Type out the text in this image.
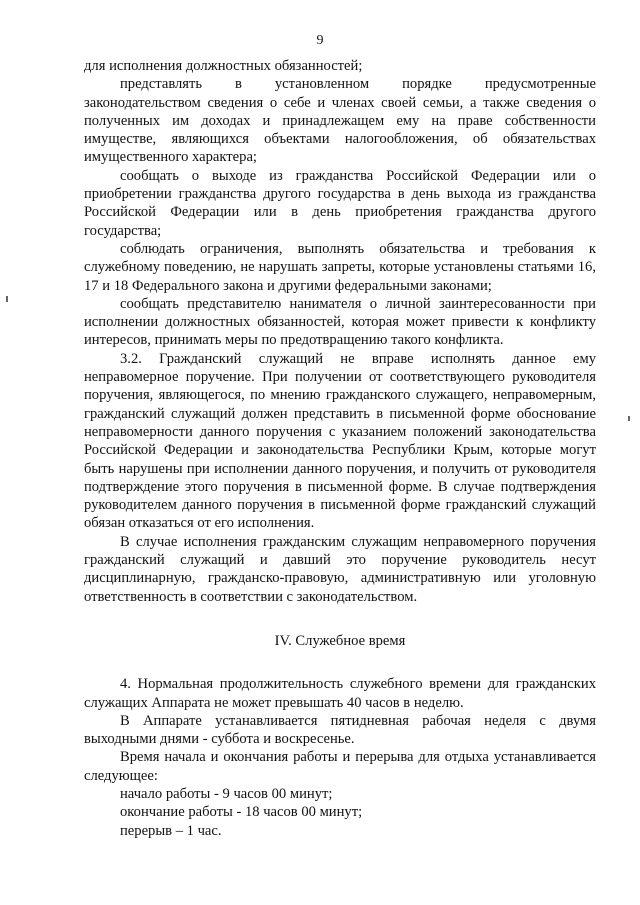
9

для исполнения должностных обязанностей;

представлять в установленном порядке предусмотренные законодательством сведения о себе и членах своей семьи, а также сведения о полученных им доходах и принадлежащем ему на праве собственности имуществе, являющихся объектами налогообложения, об обязательствах имущественного характера;

сообщать о выходе из гражданства Российской Федерации или о приобретении гражданства другого государства в день выхода из гражданства Российской Федерации или в день приобретения гражданства другого государства;

соблюдать ограничения, выполнять обязательства и требования к служебному поведению, не нарушать запреты, которые установлены статьями 16, 17 и 18 Федерального закона и другими федеральными законами;

сообщать представителю нанимателя о личной заинтересованности при исполнении должностных обязанностей, которая может привести к конфликту интересов, принимать меры по предотвращению такого конфликта.

3.2. Гражданский служащий не вправе исполнять данное ему неправомерное поручение. При получении от соответствующего руководителя поручения, являющегося, по мнению гражданского служащего, неправомерным, гражданский служащий должен представить в письменной форме обоснование неправомерности данного поручения с указанием положений законодательства Российской Федерации и законодательства Республики Крым, которые могут быть нарушены при исполнении данного поручения, и получить от руководителя подтверждение этого поручения в письменной форме. В случае подтверждения руководителем данного поручения в письменной форме гражданский служащий обязан отказаться от его исполнения.

В случае исполнения гражданским служащим неправомерного поручения гражданский служащий и давший это поручение руководитель несут дисциплинарную, гражданско-правовую, административную или уголовную ответственность в соответствии с законодательством.

IV. Служебное время

4. Нормальная продолжительность служебного времени для гражданских служащих Аппарата не может превышать 40 часов в неделю.

В Аппарате устанавливается пятидневная рабочая неделя с двумя выходными днями - суббота и воскресенье.

Время начала и окончания работы и перерыва для отдыха устанавливается следующее:

начало работы - 9 часов 00 минут;

окончание работы - 18 часов 00 минут;

перерыв – 1 час.
